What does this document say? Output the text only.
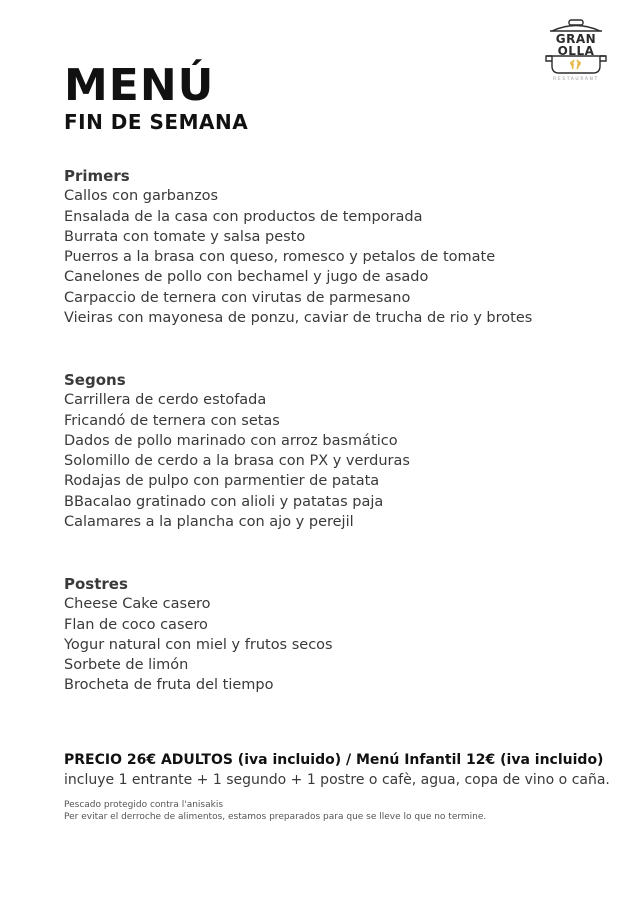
GRAN
OLLA
RESTAURANT
MENÚ
FIN DE SEMANA
Primers
Callos con garbanzos
Ensalada de la casa con productos de temporada
Burrata con tomate y salsa pesto
Puerros a la brasa con queso, romesco y petalos de tomate
Canelones de pollo con bechamel y jugo de asado
Carpaccio de ternera con virutas de parmesano
Vieiras con mayonesa de ponzu, caviar de trucha de rio y brotes
Segons
Carrillera de cerdo estofada
Fricandó de ternera con setas
Dados de pollo marinado con arroz basmático
Solomillo de cerdo a la brasa con PX y verduras
Rodajas de pulpo con parmentier de patata
BBacalao gratinado con alioli y patatas paja
Calamares a la plancha con ajo y perejil
Postres
Cheese Cake casero
Flan de coco casero
Yogur natural con miel y frutos secos
Sorbete de limón
Brocheta de fruta del tiempo
PRECIO 26€ ADULTOS (iva incluido) / Menú Infantil 12€ (iva incluido)
incluye 1 entrante + 1 segundo + 1 postre o cafè, agua, copa de vino o caña.
Pescado protegido contra l'anisakis
Per evitar el derroche de alimentos, estamos preparados para que se lleve lo que no termine.
